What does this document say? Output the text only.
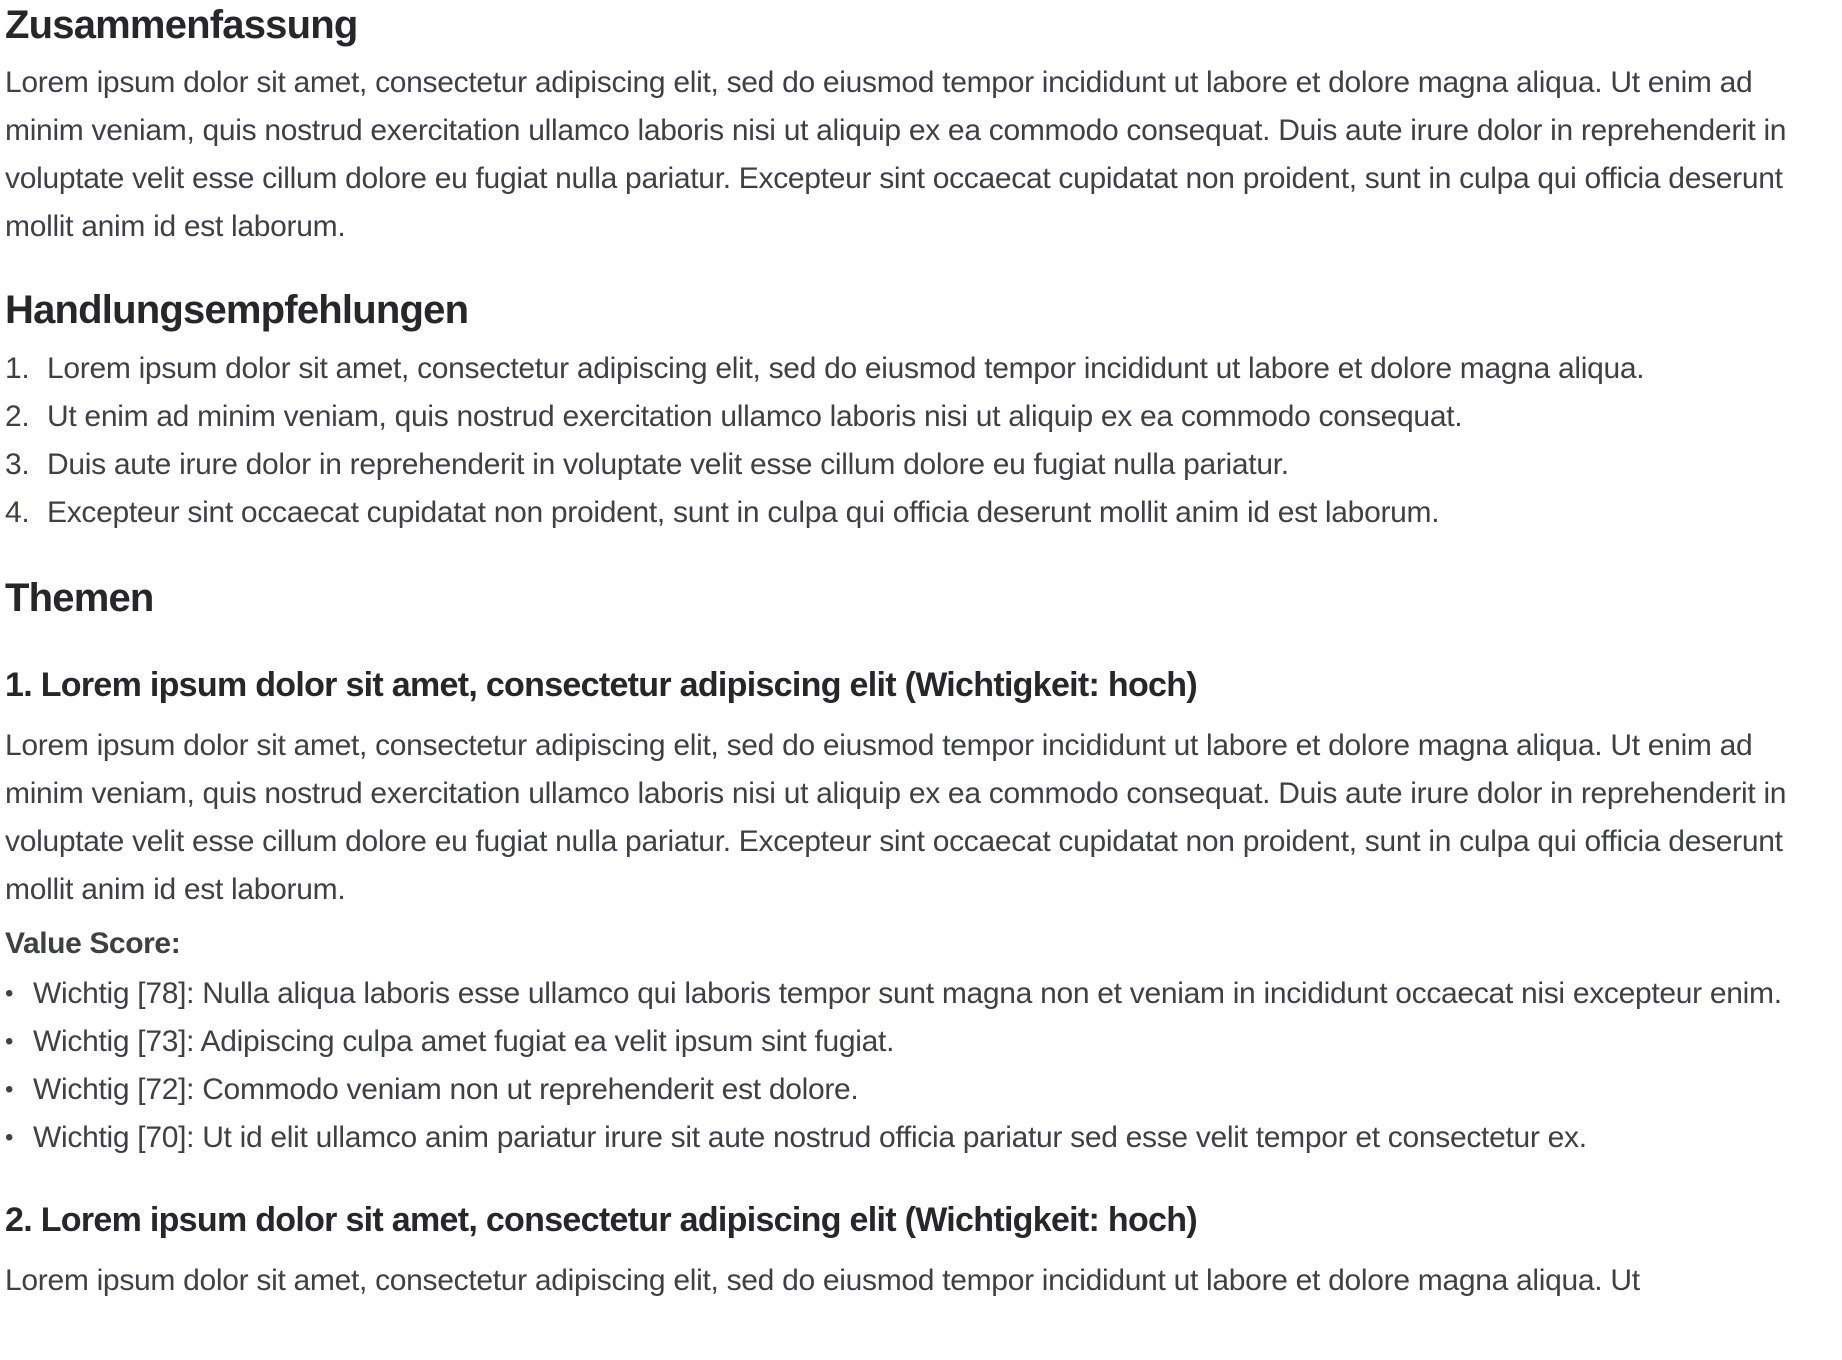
Zusammenfassung

Lorem ipsum dolor sit amet, consectetur adipiscing elit, sed do eiusmod tempor incididunt ut labore et dolore magna aliqua. Ut enim ad minim veniam, quis nostrud exercitation ullamco laboris nisi ut aliquip ex ea commodo consequat. Duis aute irure dolor in reprehenderit in voluptate velit esse cillum dolore eu fugiat nulla pariatur. Excepteur sint occaecat cupidatat non proident, sunt in culpa qui officia deserunt mollit anim id est laborum.

Handlungsempfehlungen
1. Lorem ipsum dolor sit amet, consectetur adipiscing elit, sed do eiusmod tempor incididunt ut labore et dolore magna aliqua.
2. Ut enim ad minim veniam, quis nostrud exercitation ullamco laboris nisi ut aliquip ex ea commodo consequat.
3. Duis aute irure dolor in reprehenderit in voluptate velit esse cillum dolore eu fugiat nulla pariatur.
4. Excepteur sint occaecat cupidatat non proident, sunt in culpa qui officia deserunt mollit anim id est laborum.
Themen
1. Lorem ipsum dolor sit amet, consectetur adipiscing elit (Wichtigkeit: hoch)

Lorem ipsum dolor sit amet, consectetur adipiscing elit, sed do eiusmod tempor incididunt ut labore et dolore magna aliqua. Ut enim ad minim veniam, quis nostrud exercitation ullamco laboris nisi ut aliquip ex ea commodo consequat. Duis aute irure dolor in reprehenderit in voluptate velit esse cillum dolore eu fugiat nulla pariatur. Excepteur sint occaecat cupidatat non proident, sunt in culpa qui officia deserunt mollit anim id est laborum.

Value Score:
• Wichtig [78]: Nulla aliqua laboris esse ullamco qui laboris tempor sunt magna non et veniam in incididunt occaecat nisi excepteur enim.
• Wichtig [73]: Adipiscing culpa amet fugiat ea velit ipsum sint fugiat.
• Wichtig [72]: Commodo veniam non ut reprehenderit est dolore.
• Wichtig [70]: Ut id elit ullamco anim pariatur irure sit aute nostrud officia pariatur sed esse velit tempor et consectetur ex.
2. Lorem ipsum dolor sit amet, consectetur adipiscing elit (Wichtigkeit: hoch)

Lorem ipsum dolor sit amet, consectetur adipiscing elit, sed do eiusmod tempor incididunt ut labore et dolore magna aliqua. Ut
